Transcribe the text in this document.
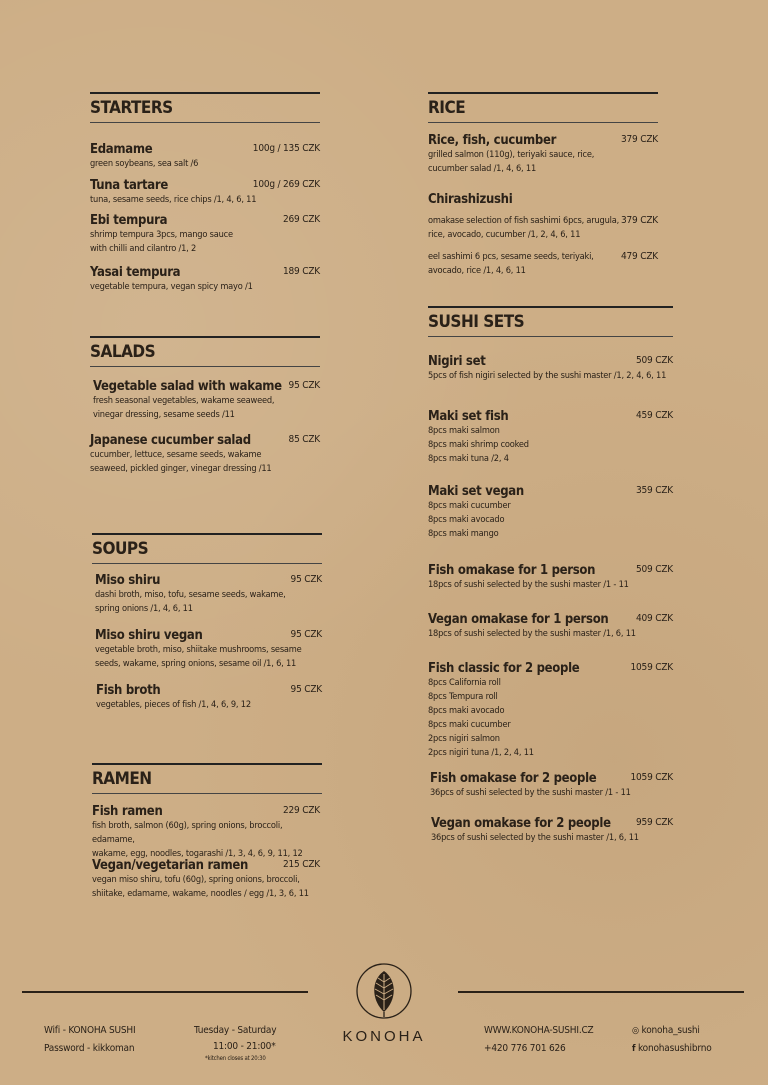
STARTERS
Edamame	100g / 135 CZK
green soybeans, sea salt /6
Tuna tartare	100g / 269 CZK
tuna, sesame seeds, rice chips /1, 4, 6, 11
Ebi tempura	269 CZK
shrimp tempura 3pcs, mango sauce
with chilli and cilantro /1, 2
Yasai tempura	189 CZK
vegetable tempura, vegan spicy mayo /1
SALADS
Vegetable salad with wakame 95 CZK
fresh seasonal vegetables, wakame seaweed,
vinegar dressing, sesame seeds /11
Japanese cucumber salad	85 CZK
cucumber, lettuce, sesame seeds, wakame
seaweed, pickled ginger, vinegar dressing /11
SOUPS
Miso shiru	95 CZK
dashi broth, miso, tofu, sesame seeds, wakame,
spring onions /1, 4, 6, 11
Miso shiru vegan	95 CZK
vegetable broth, miso, shiitake mushrooms, sesame
seeds, wakame, spring onions, sesame oil /1, 6, 11
Fish broth	95 CZK
vegetables, pieces of fish /1, 4, 6, 9, 12
RAMEN
Fish ramen	229 CZK
fish broth, salmon (60g), spring onions, broccoli, edamame,
wakame, egg, noodles, togarashi /1, 3, 4, 6, 9, 11, 12
Vegan/vegetarian ramen	215 CZK
vegan miso shiru, tofu (60g), spring onions, broccoli,
shiitake, edamame, wakame, noodles / egg /1, 3, 6, 11
RICE
Rice, fish, cucumber	379 CZK
grilled salmon (110g), teriyaki sauce, rice,
cucumber salad /1, 4, 6, 11
Chirashizushi
379 CZK
omakase selection of fish sashimi 6pcs, arugula,
rice, avocado, cucumber /1, 2, 4, 6, 11
479 CZK
eel sashimi 6 pcs, sesame seeds, teriyaki,
avocado, rice /1, 4, 6, 11
SUSHI SETS
Nigiri set	509 CZK
5pcs of fish nigiri selected by the sushi master /1, 2, 4, 6, 11
Maki set fish	459 CZK
8pcs maki salmon
8pcs maki shrimp cooked
8pcs maki tuna /2, 4
Maki set vegan	359 CZK
8pcs maki cucumber
8pcs maki avocado
8pcs maki mango
Fish omakase for 1 person	509 CZK
18pcs of sushi selected by the sushi master /1 - 11
Vegan omakase for 1 person	409 CZK
18pcs of sushi selected by the sushi master /1, 6, 11
Fish classic for 2 people	1059 CZK
8pcs California roll
8pcs Tempura roll
8pcs maki avocado
8pcs maki cucumber
2pcs nigiri salmon
2pcs nigiri tuna /1, 2, 4, 11
Fish omakase for 2 people	1059 CZK
36pcs of sushi selected by the sushi master /1 - 11
Vegan omakase for 2 people	959 CZK
36pcs of sushi selected by the sushi master /1, 6, 11
KONOHA
Wifi - KONOHA SUSHI
Password - kikkoman
Tuesday - Saturday
11:00 - 21:00*
*kitchen closes at 20:30
WWW.KONOHA-SUSHI.CZ
+420 776 701 626
◎ konoha_sushi
f konohasushibrno
